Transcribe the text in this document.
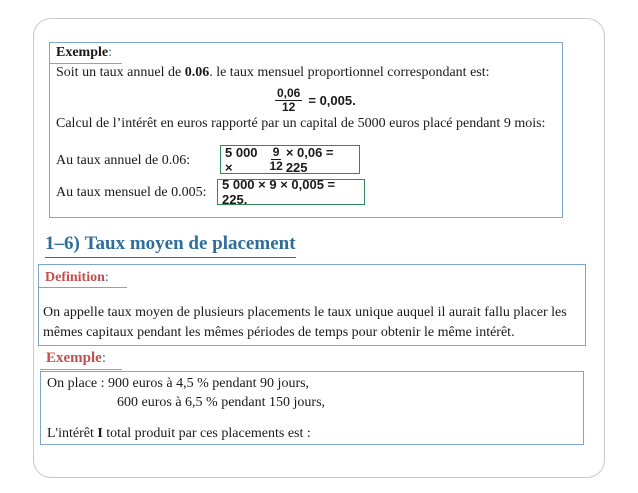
Exemple:
Soit un taux annuel de 0.06. le taux mensuel proportionnel correspondant est:
$\frac{0,06}{12} = 0,005$.
Calcul de l’intérêt en euros rapporté par un capital de 5000 euros placé pendant 9 mois:
Au taux annuel de 0.06:
5 000 ×	$\frac{9}{12} \times 0,06 = 225$
Au taux mensuel de 0.005:
5 000 × 9 × 0,005 = 225.
1–6) Taux moyen de placement
Definition:
On appelle taux moyen de plusieurs placements le taux unique auquel il aurait fallu placer les
mêmes capitaux pendant les mêmes périodes de temps pour obtenir le même intérêt.
Exemple:
On place : 900 euros à 4,5 % pendant 90 jours,
600 euros à 6,5 % pendant 150 jours,
L'intérêt I total produit par ces placements est :
